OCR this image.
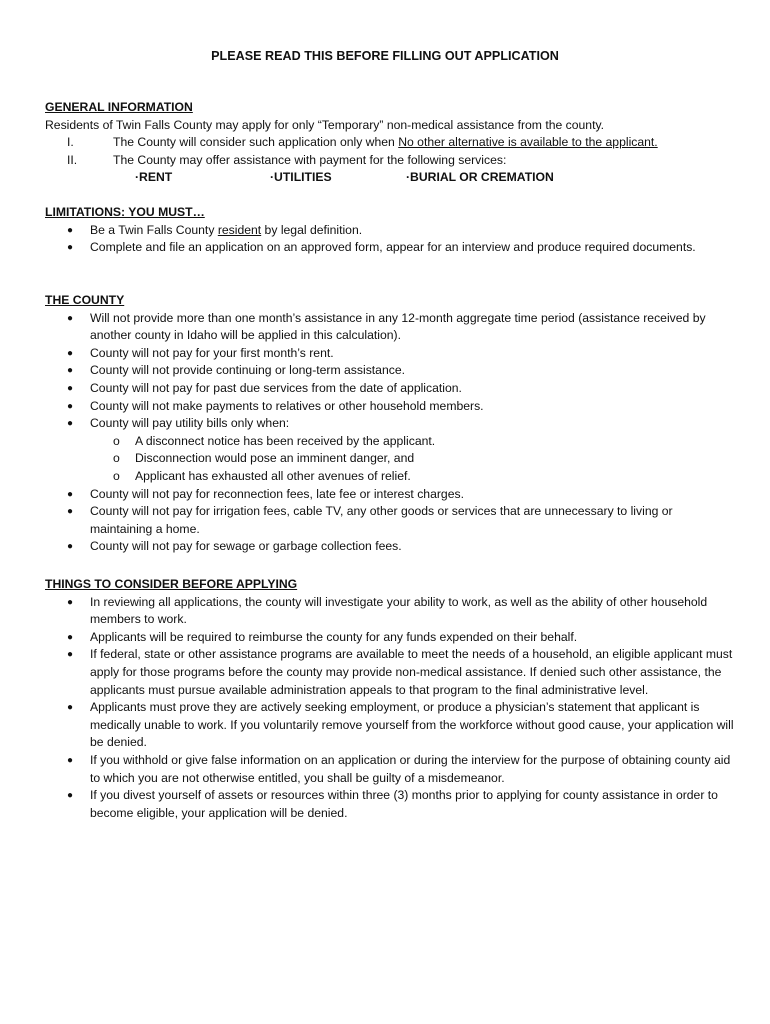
PLEASE READ THIS BEFORE FILLING OUT APPLICATION
GENERAL INFORMATION
Residents of Twin Falls County may apply for only “Temporary” non-medical assistance from the county.
I.	The County will consider such application only when No other alternative is available to the applicant.
II.	The County may offer assistance with payment for the following services:
·RENT	·UTILITIES	·BURIAL OR CREMATION
LIMITATIONS: YOU MUST…
● Be a Twin Falls County resident by legal definition.
● Complete and file an application on an approved form, appear for an interview and produce required documents.
THE COUNTY
● Will not provide more than one month’s assistance in any 12-month aggregate time period (assistance received by another county in Idaho will be applied in this calculation).
● County will not pay for your first month’s rent.
● County will not provide continuing or long-term assistance.
● County will not pay for past due services from the date of application.
● County will not make payments to relatives or other household members.
● County will pay utility bills only when:
o A disconnect notice has been received by the applicant.
o Disconnection would pose an imminent danger, and
o Applicant has exhausted all other avenues of relief.
● County will not pay for reconnection fees, late fee or interest charges.
● County will not pay for irrigation fees, cable TV, any other goods or services that are unnecessary to living or maintaining a home.
● County will not pay for sewage or garbage collection fees.
THINGS TO CONSIDER BEFORE APPLYING
● In reviewing all applications, the county will investigate your ability to work, as well as the ability of other household members to work.
● Applicants will be required to reimburse the county for any funds expended on their behalf.
● If federal, state or other assistance programs are available to meet the needs of a household, an eligible applicant must apply for those programs before the county may provide non-medical assistance. If denied such other assistance, the applicants must pursue available administration appeals to that program to the final administrative level.
● Applicants must prove they are actively seeking employment, or produce a physician’s statement that applicant is medically unable to work. If you voluntarily remove yourself from the workforce without good cause, your application will be denied.
● If you withhold or give false information on an application or during the interview for the purpose of obtaining county aid to which you are not otherwise entitled, you shall be guilty of a misdemeanor.
● If you divest yourself of assets or resources within three (3) months prior to applying for county assistance in order to become eligible, your application will be denied.
